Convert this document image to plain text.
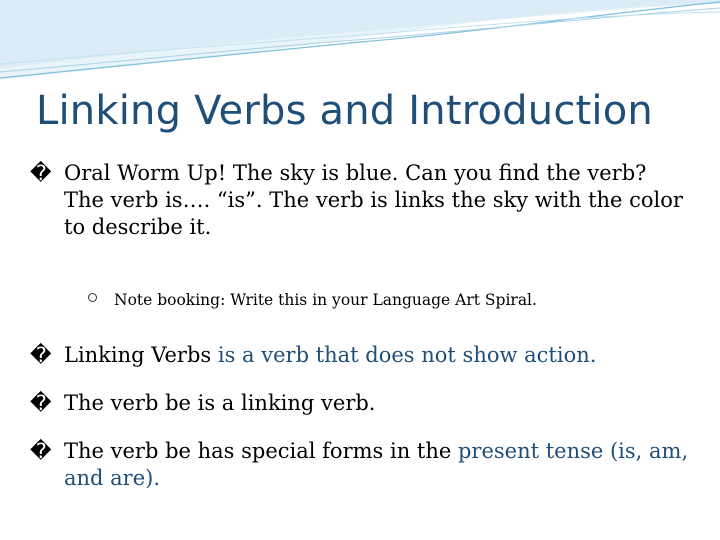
Linking Verbs and Introduction

� Oral Worm Up! The sky is blue. Can you find the verb? The verb is…. “is”. The verb is links the sky with the color to describe it.

Note booking: Write this in your Language Art Spiral.

� Linking Verbs is a verb that does not show action.

� The verb be is a linking verb.

� The verb be has special forms in the present tense (is, am, and are).
